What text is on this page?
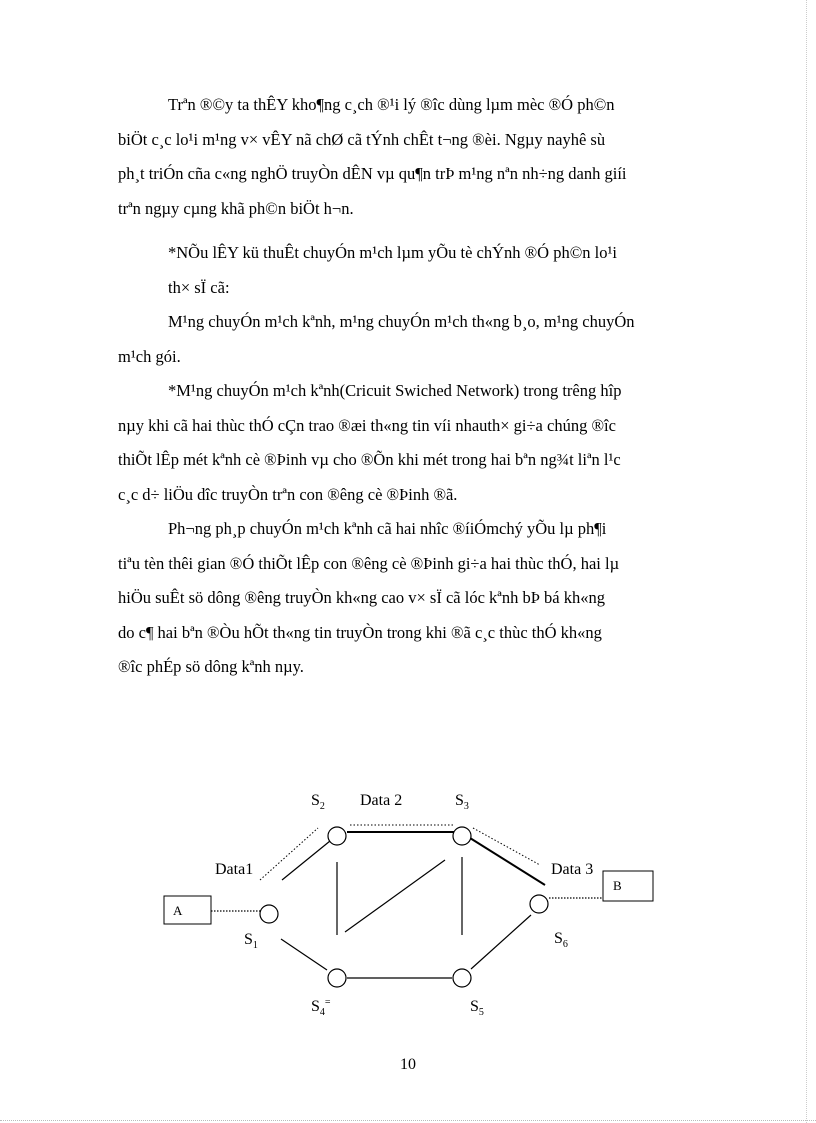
Trªn ®©y ta thÊY kho¶ng c¸ch ®¹i lý ®îc dùng lµm mèc ®Ó ph©n
biÖt c¸c lo¹i m¹ng v× vÊY nã chØ cã tÝnh chÊt t¬ng ®èi. Ngµy nayhê sù
ph¸t triÓn cña c«ng nghÖ truyÒn dÊN vµ qu¶n trÞ m¹ng nªn nh÷ng danh giíi
trªn ngµy cµng khã ph©n biÖt h¬n.
*NÕu lÊY kü thuÊt chuyÓn m¹ch lµm yÕu tè chÝnh ®Ó ph©n lo¹i
th× sÏ cã:
M¹ng chuyÓn m¹ch kªnh, m¹ng chuyÓn m¹ch th«ng b¸o, m¹ng chuyÓn
m¹ch gói.
*M¹ng chuyÓn m¹ch kªnh(Cricuit Swiched Network) trong trêng hîp
nµy khi cã hai thùc thÓ cÇn trao ®æi th«ng tin víi nhauth× gi÷a chúng ®îc
thiÕt lÊp mét kªnh cè ®Þinh vµ cho ®Õn khi mét trong hai bªn ng¾t liªn l¹c
c¸c d÷ liÖu dîc truyÒn trªn con ®êng cè ®Þinh ®ã.
Ph¬ng ph¸p chuyÓn m¹ch kªnh cã hai nhîc ®íiÓmchý yÕu lµ ph¶i
tiªu tèn thêi gian ®Ó thiÕt lÊp con ®êng cè ®Þinh gi÷a hai thùc thÓ, hai lµ
hiÖu suÊt sö dông ®êng truyÒn kh«ng cao v× sÏ cã lóc kªnh bÞ bá kh«ng
do c¶ hai bªn ®Òu hÕt th«ng tin truyÒn trong khi ®ã c¸c thùc thÓ kh«ng
®îc phÉp sö dông kªnh nµy.
A
B
$S_1$
$S_2$	$S_3$
$S_4^=$	$S_5$
$S_6$
Data1
Data 2
Data 3
10
